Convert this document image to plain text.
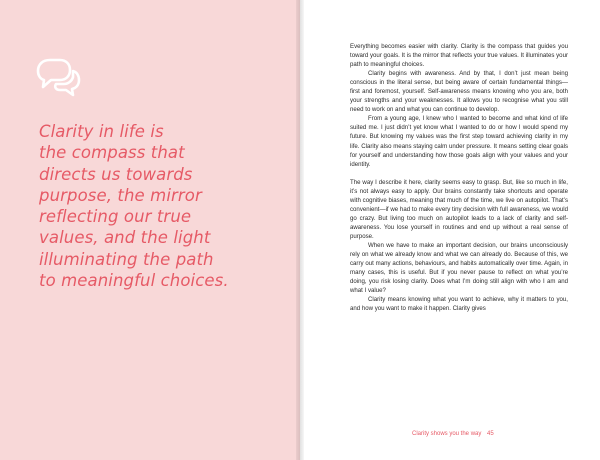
Clarity in life is
the compass that
directs us towards
purpose, the mirror
reflecting our true
values, and the light
illuminating the path
to meaningful choices.

Everything becomes easier with clarity. Clarity is the compass that guides you toward your goals. It is the mirror that reflects your true values. It illuminates your path to meaningful choices.

Clarity begins with awareness. And by that, I don’t just mean being conscious in the literal sense, but being aware of certain fundamental things—first and foremost, yourself. Self-awareness means knowing who you are, both your strengths and your weaknesses. It allows you to recognise what you still need to work on and what you can continue to develop.

From a young age, I knew who I wanted to become and what kind of life suited me. I just didn’t yet know what I wanted to do or how I would spend my future. But knowing my values was the first step toward achieving clarity in my life. Clarity also means staying calm under pressure. It means setting clear goals for yourself and understanding how those goals align with your values and your identity.

The way I describe it here, clarity seems easy to grasp. But, like so much in life, it’s not always easy to apply. Our brains constantly take shortcuts and operate with cognitive biases, meaning that much of the time, we live on autopilot. That’s convenient—if we had to make every tiny decision with full awareness, we would go crazy. But living too much on autopilot leads to a lack of clarity and self-awareness. You lose yourself in routines and end up without a real sense of purpose.

When we have to make an important decision, our brains unconsciously rely on what we already know and what we can already do. Because of this, we carry out many actions, behaviours, and habits automatically over time. Again, in many cases, this is useful. But if you never pause to reflect on what you’re doing, you risk losing clarity. Does what I’m doing still align with who I am and what I value?

Clarity means knowing what you want to achieve, why it matters to you, and how you want to make it happen. Clarity gives

Clarity shows you the way 45
